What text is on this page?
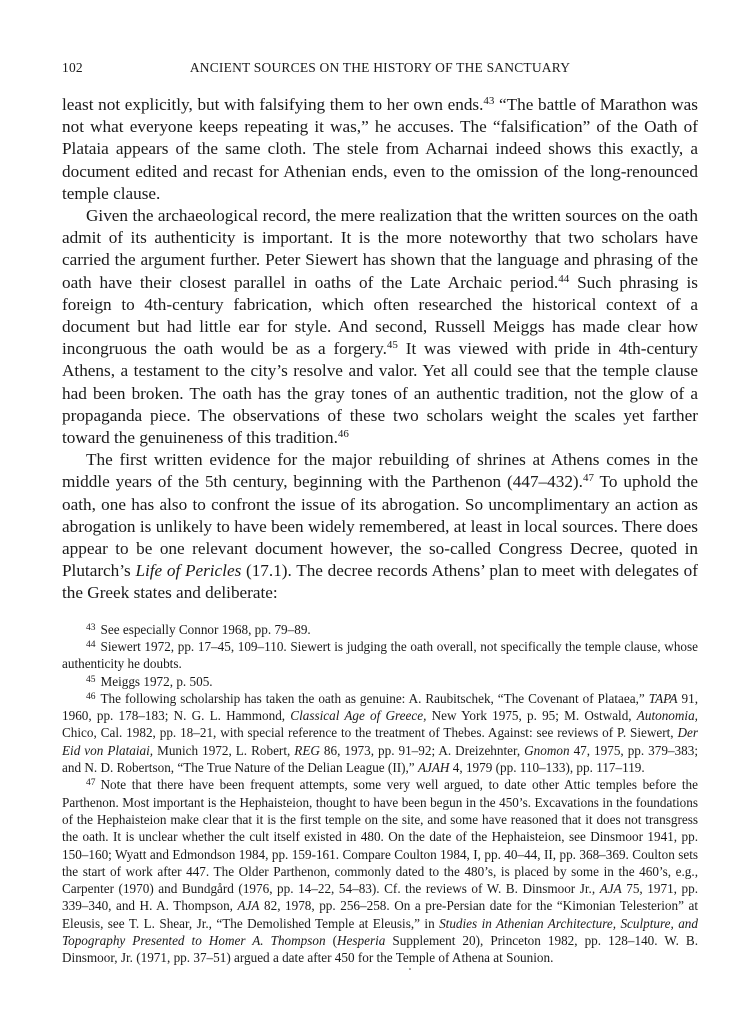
102	ANCIENT SOURCES ON THE HISTORY OF THE SANCTUARY

least not explicitly, but with falsifying them to her own ends.$^{43}$ “The battle of Marathon was not what everyone keeps repeating it was,” he accuses. The “falsification” of the Oath of Plataia appears of the same cloth. The stele from Acharnai indeed shows this exactly, a document edited and recast for Athenian ends, even to the omission of the long-renounced temple clause.

Given the archaeological record, the mere realization that the written sources on the oath admit of its authenticity is important. It is the more noteworthy that two scholars have carried the argument further. Peter Siewert has shown that the language and phrasing of the oath have their closest parallel in oaths of the Late Archaic period.$^{44}$ Such phrasing is foreign to 4th-century fabrication, which often researched the historical context of a document but had little ear for style. And second, Russell Meiggs has made clear how incongruous the oath would be as a forgery.$^{45}$ It was viewed with pride in 4th-century Athens, a testament to the city’s resolve and valor. Yet all could see that the temple clause had been broken. The oath has the gray tones of an authentic tradition, not the glow of a propaganda piece. The observations of these two scholars weight the scales yet farther toward the genuineness of this tradition.$^{46}$

The first written evidence for the major rebuilding of shrines at Athens comes in the middle years of the 5th century, beginning with the Parthenon (447–432).$^{47}$ To uphold the oath, one has also to confront the issue of its abrogation. So uncomplimentary an action as abrogation is unlikely to have been widely remembered, at least in local sources. There does appear to be one relevant document however, the so-called Congress Decree, quoted in Plutarch’s Life of Pericles (17.1). The decree records Athens’ plan to meet with delegates of the Greek states and deliberate:

$^{43}$ See especially Connor 1968, pp. 79–89.

$^{44}$ Siewert 1972, pp. 17–45, 109–110. Siewert is judging the oath overall, not specifically the temple clause, whose authenticity he doubts.

$^{45}$ Meiggs 1972, p. 505.

$^{46}$ The following scholarship has taken the oath as genuine: A. Raubitschek, “The Covenant of Plataea,” TAPA 91, 1960, pp. 178–183; N. G. L. Hammond, Classical Age of Greece, New York 1975, p. 95; M. Ostwald, Autonomia, Chico, Cal. 1982, pp. 18–21, with special reference to the treatment of Thebes. Against: see reviews of P. Siewert, Der Eid von Plataiai, Munich 1972, L. Robert, REG 86, 1973, pp. 91–92; A. Dreizehnter, Gnomon 47, 1975, pp. 379–383; and N. D. Robertson, “The True Nature of the Delian League (II),” AJAH 4, 1979 (pp. 110–133), pp. 117–119.

$^{47}$ Note that there have been frequent attempts, some very well argued, to date other Attic temples before the Parthenon. Most important is the Hephaisteion, thought to have been begun in the 450’s. Excavations in the foundations of the Hephaisteion make clear that it is the first temple on the site, and some have reasoned that it does not transgress the oath. It is unclear whether the cult itself existed in 480. On the date of the Hephaisteion, see Dinsmoor 1941, pp. 150–160; Wyatt and Edmondson 1984, pp. 159-161. Compare Coulton 1984, I, pp. 40–44, II, pp. 368–369. Coulton sets the start of work after 447. The Older Parthenon, commonly dated to the 480’s, is placed by some in the 460’s, e.g., Carpenter (1970) and Bundgård (1976, pp. 14–22, 54–83). Cf. the reviews of W. B. Dinsmoor Jr., AJA 75, 1971, pp. 339–340, and H. A. Thompson, AJA 82, 1978, pp. 256–258. On a pre-Persian date for the “Kimonian Telesterion” at Eleusis, see T. L. Shear, Jr., “The Demolished Temple at Eleusis,” in Studies in Athenian Architecture, Sculpture, and Topography Presented to Homer A. Thompson (Hesperia Supplement 20), Princeton 1982, pp. 128–140. W. B. Dinsmoor, Jr. (1971, pp. 37–51) argued a date after 450 for the Temple of Athena at Sounion.
